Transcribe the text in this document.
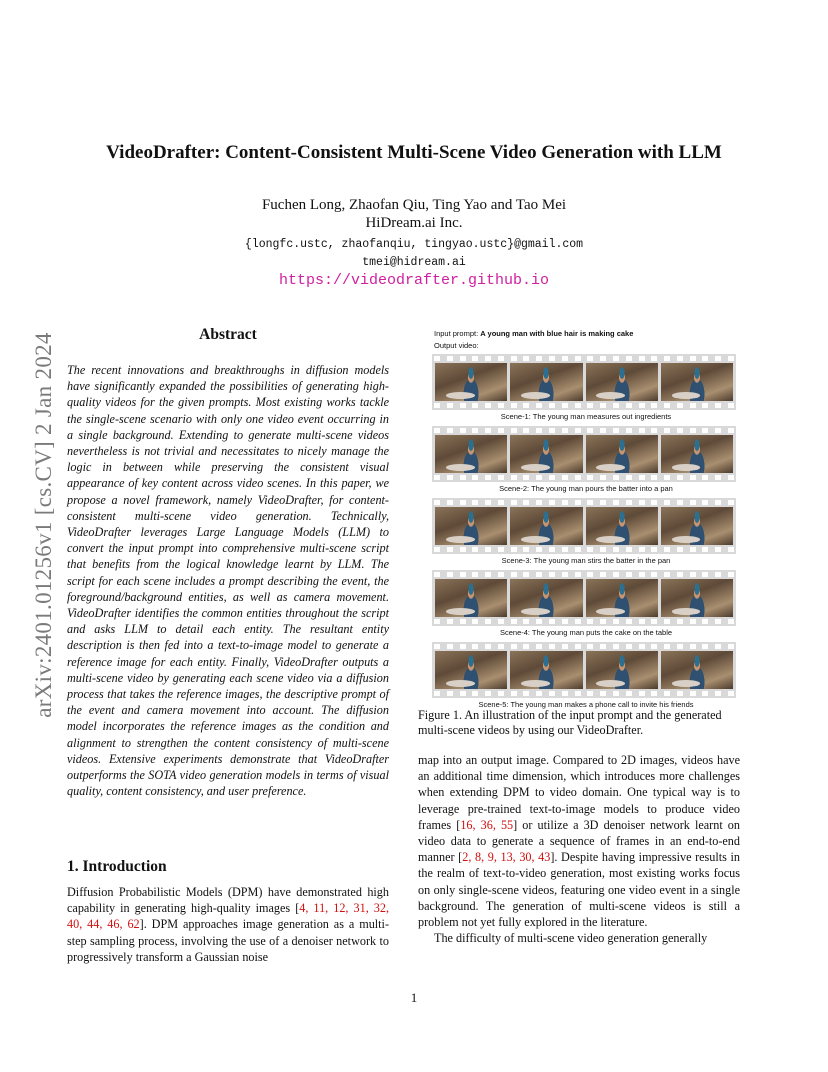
arXiv:2401.01256v1 [cs.CV] 2 Jan 2024
VideoDrafter: Content-Consistent Multi-Scene Video Generation with LLM
Fuchen Long, Zhaofan Qiu, Ting Yao and Tao Mei
HiDream.ai Inc.
{longfc.ustc, zhaofanqiu, tingyao.ustc}@gmail.com
tmei@hidream.ai
https://videodrafter.github.io
Abstract
The recent innovations and breakthroughs in diffusion models have significantly expanded the possibilities of generating high-quality videos for the given prompts. Most existing works tackle the single-scene scenario with only one video event occurring in a single background. Extending to generate multi-scene videos nevertheless is not trivial and necessitates to nicely manage the logic in between while preserving the consistent visual appearance of key content across video scenes. In this paper, we propose a novel framework, namely VideoDrafter, for content-consistent multi-scene video generation. Technically, VideoDrafter leverages Large Language Models (LLM) to convert the input prompt into comprehensive multi-scene script that benefits from the logical knowledge learnt by LLM. The script for each scene includes a prompt describing the event, the foreground/background entities, as well as camera movement. VideoDrafter identifies the common entities throughout the script and asks LLM to detail each entity. The resultant entity description is then fed into a text-to-image model to generate a reference image for each entity. Finally, VideoDrafter outputs a multi-scene video by generating each scene video via a diffusion process that takes the reference images, the descriptive prompt of the event and camera movement into account. The diffusion model incorporates the reference images as the condition and alignment to strengthen the content consistency of multi-scene videos. Extensive experiments demonstrate that VideoDrafter outperforms the SOTA video generation models in terms of visual quality, content consistency, and user preference.
1. Introduction
Diffusion Probabilistic Models (DPM) have demonstrated high capability in generating high-quality images [4, 11, 12, 31, 32, 40, 44, 46, 62]. DPM approaches image generation as a multi-step sampling process, involving the use of a denoiser network to progressively transform a Gaussian noise
Input prompt: A young man with blue hair is making cake
Output video:
Scene-1: The young man measures out ingredients
Scene-2: The young man pours the batter into a pan
Scene-3: The young man stirs the batter in the pan
Scene-4: The young man puts the cake on the table
Scene-5: The young man makes a phone call to invite his friends
Figure 1. An illustration of the input prompt and the generated multi-scene videos by using our VideoDrafter.

map into an output image. Compared to 2D images, videos have an additional time dimension, which introduces more challenges when extending DPM to video domain. One typical way is to leverage pre-trained text-to-image models to produce video frames [16, 36, 55] or utilize a 3D denoiser network learnt on video data to generate a sequence of frames in an end-to-end manner [2, 8, 9, 13, 30, 43]. Despite having impressive results in the realm of text-to-video generation, most existing works focus on only single-scene videos, featuring one video event in a single background. The generation of multi-scene videos is still a problem not yet fully explored in the literature.

The difficulty of multi-scene video generation generally

1
